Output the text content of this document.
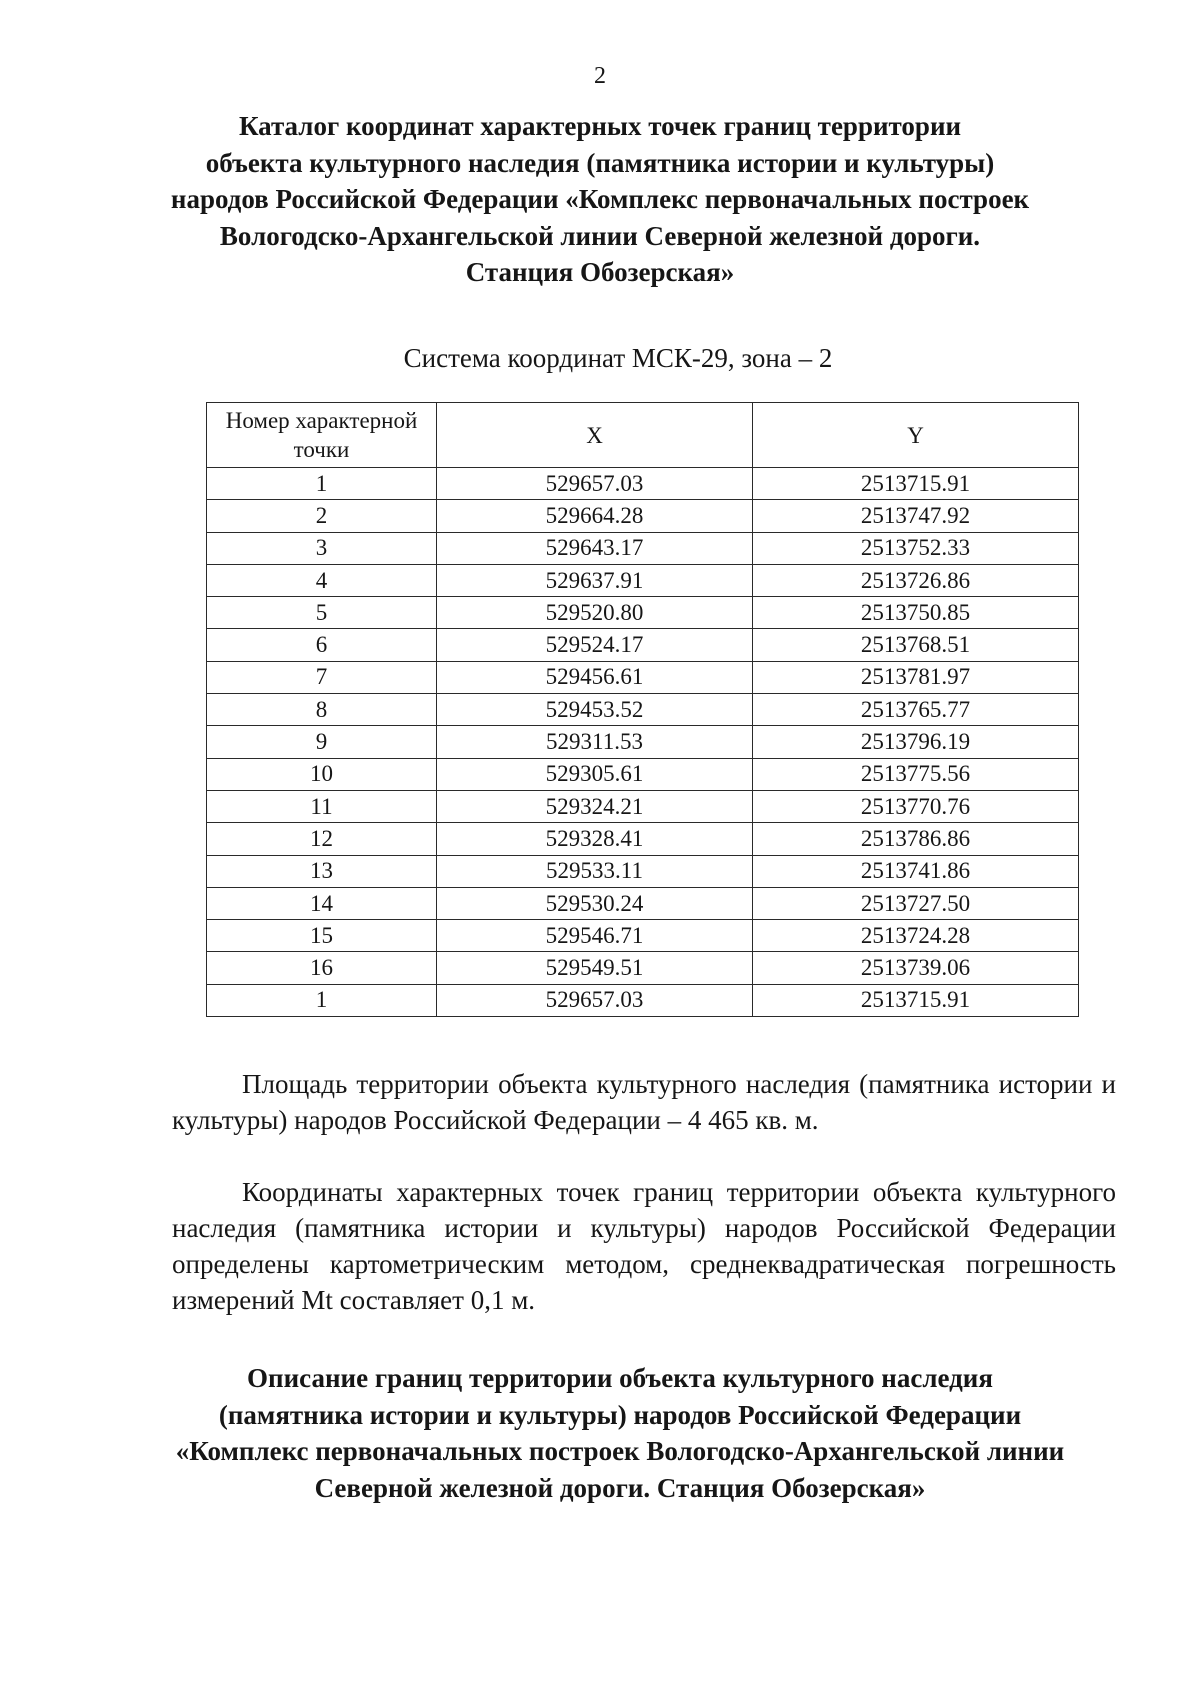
2
Каталог координат характерных точек границ территории
объекта культурного наследия (памятника истории и культуры)
народов Российской Федерации «Комплекс первоначальных построек
Вологодско-Архангельской линии Северной железной дороги.
Станция Обозерская»
Система координат МСК-29, зона – 2
Номер характерной точки	X	Y
1	529657.03	2513715.91
2	529664.28	2513747.92
3	529643.17	2513752.33
4	529637.91	2513726.86
5	529520.80	2513750.85
6	529524.17	2513768.51
7	529456.61	2513781.97
8	529453.52	2513765.77
9	529311.53	2513796.19
10	529305.61	2513775.56
11	529324.21	2513770.76
12	529328.41	2513786.86
13	529533.11	2513741.86
14	529530.24	2513727.50
15	529546.71	2513724.28
16	529549.51	2513739.06
1	529657.03	2513715.91

Площадь территории объекта культурного наследия (памятника истории и культуры) народов Российской Федерации – 4 465 кв. м.

Координаты характерных точек границ территории объекта культурного наследия (памятника истории и культуры) народов Российской Федерации определены картометрическим методом, среднеквадратическая погрешность измерений Mt составляет 0,1 м.

Описание границ территории объекта культурного наследия
(памятника истории и культуры) народов Российской Федерации
«Комплекс первоначальных построек Вологодско-Архангельской линии
Северной железной дороги. Станция Обозерская»
